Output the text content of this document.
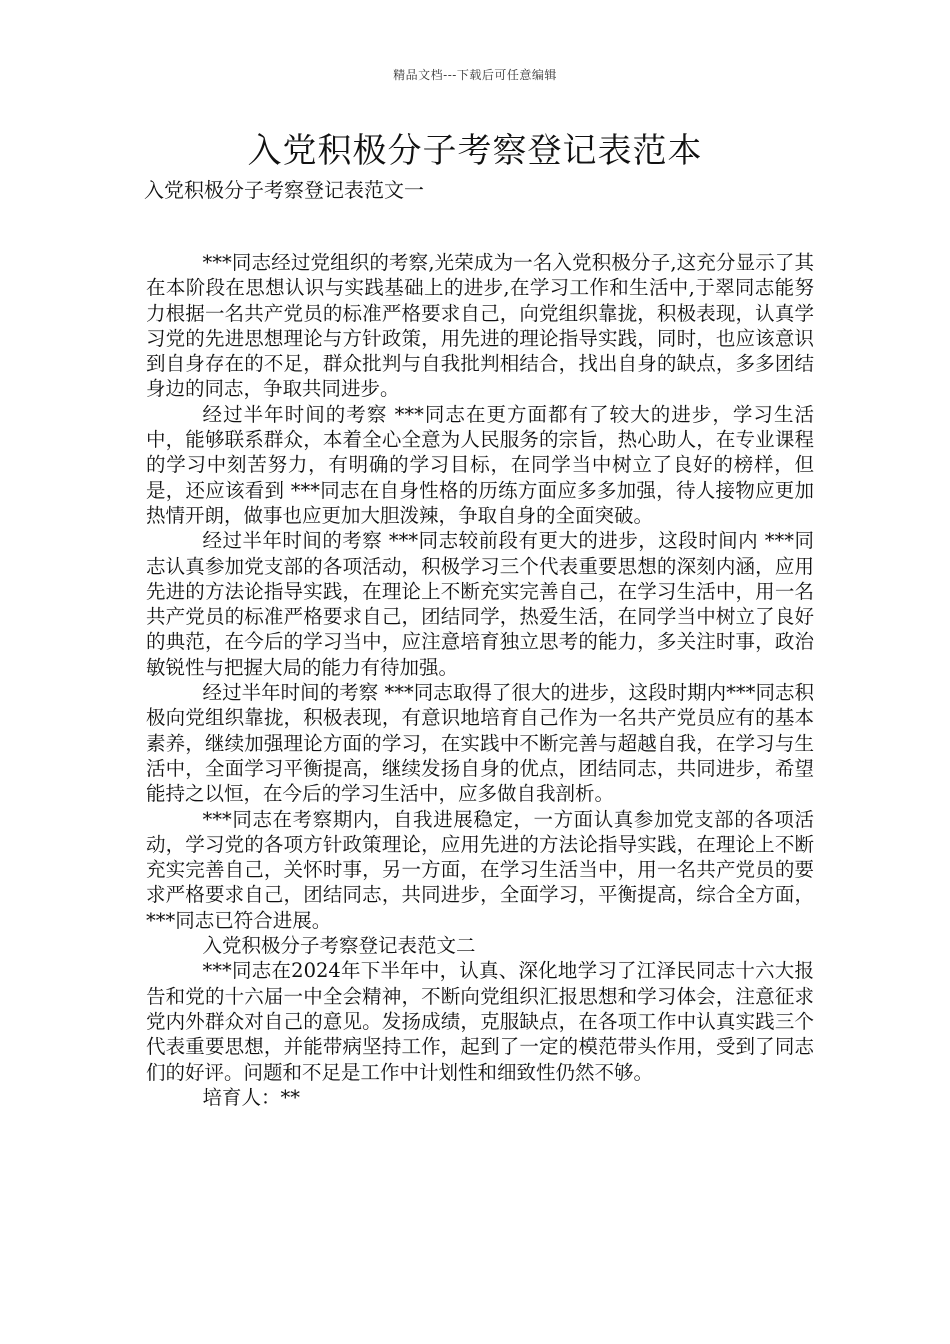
精品文档---下载后可任意编辑
入党积极分子考察登记表范本
入党积极分子考察登记表范文一

***同志经过党组织的考察,光荣成为一名入党积极分子,这充分显示了其在本阶段在思想认识与实践基础上的进步,在学习工作和生活中,于翠同志能努力根据一名共产党员的标准严格要求自己，向党组织靠拢，积极表现，认真学习党的先进思想理论与方针政策，用先进的理论指导实践，同时，也应该意识到自身存在的不足，群众批判与自我批判相结合，找出自身的缺点，多多团结身边的同志，争取共同进步。

经过半年时间的考察 ***同志在更方面都有了较大的进步，学习生活中，能够联系群众，本着全心全意为人民服务的宗旨，热心助人，在专业课程的学习中刻苦努力，有明确的学习目标，在同学当中树立了良好的榜样，但是，还应该看到 ***同志在自身性格的历练方面应多多加强，待人接物应更加热情开朗，做事也应更加大胆泼辣，争取自身的全面突破。

经过半年时间的考察 ***同志较前段有更大的进步，这段时间内 ***同志认真参加党支部的各项活动，积极学习三个代表重要思想的深刻内涵，应用先进的方法论指导实践，在理论上不断充实完善自己，在学习生活中，用一名共产党员的标准严格要求自己，团结同学，热爱生活，在同学当中树立了良好的典范，在今后的学习当中，应注意培育独立思考的能力，多关注时事，政治敏锐性与把握大局的能力有待加强。

经过半年时间的考察 ***同志取得了很大的进步，这段时期内***同志积极向党组织靠拢，积极表现，有意识地培育自己作为一名共产党员应有的基本素养，继续加强理论方面的学习，在实践中不断完善与超越自我，在学习与生活中，全面学习平衡提高，继续发扬自身的优点，团结同志，共同进步，希望能持之以恒，在今后的学习生活中，应多做自我剖析。

***同志在考察期内，自我进展稳定，一方面认真参加党支部的各项活动，学习党的各项方针政策理论，应用先进的方法论指导实践，在理论上不断充实完善自己，关怀时事，另一方面，在学习生活当中，用一名共产党员的要求严格要求自己，团结同志，共同进步，全面学习，平衡提高，综合全方面，***同志已符合进展。

入党积极分子考察登记表范文二

***同志在2024年下半年中，认真、深化地学习了江泽民同志十六大报告和党的十六届一中全会精神，不断向党组织汇报思想和学习体会，注意征求党内外群众对自己的意见。发扬成绩，克服缺点，在各项工作中认真实践三个代表重要思想，并能带病坚持工作，起到了一定的模范带头作用，受到了同志们的好评。问题和不足是工作中计划性和细致性仍然不够。

培育人：**
